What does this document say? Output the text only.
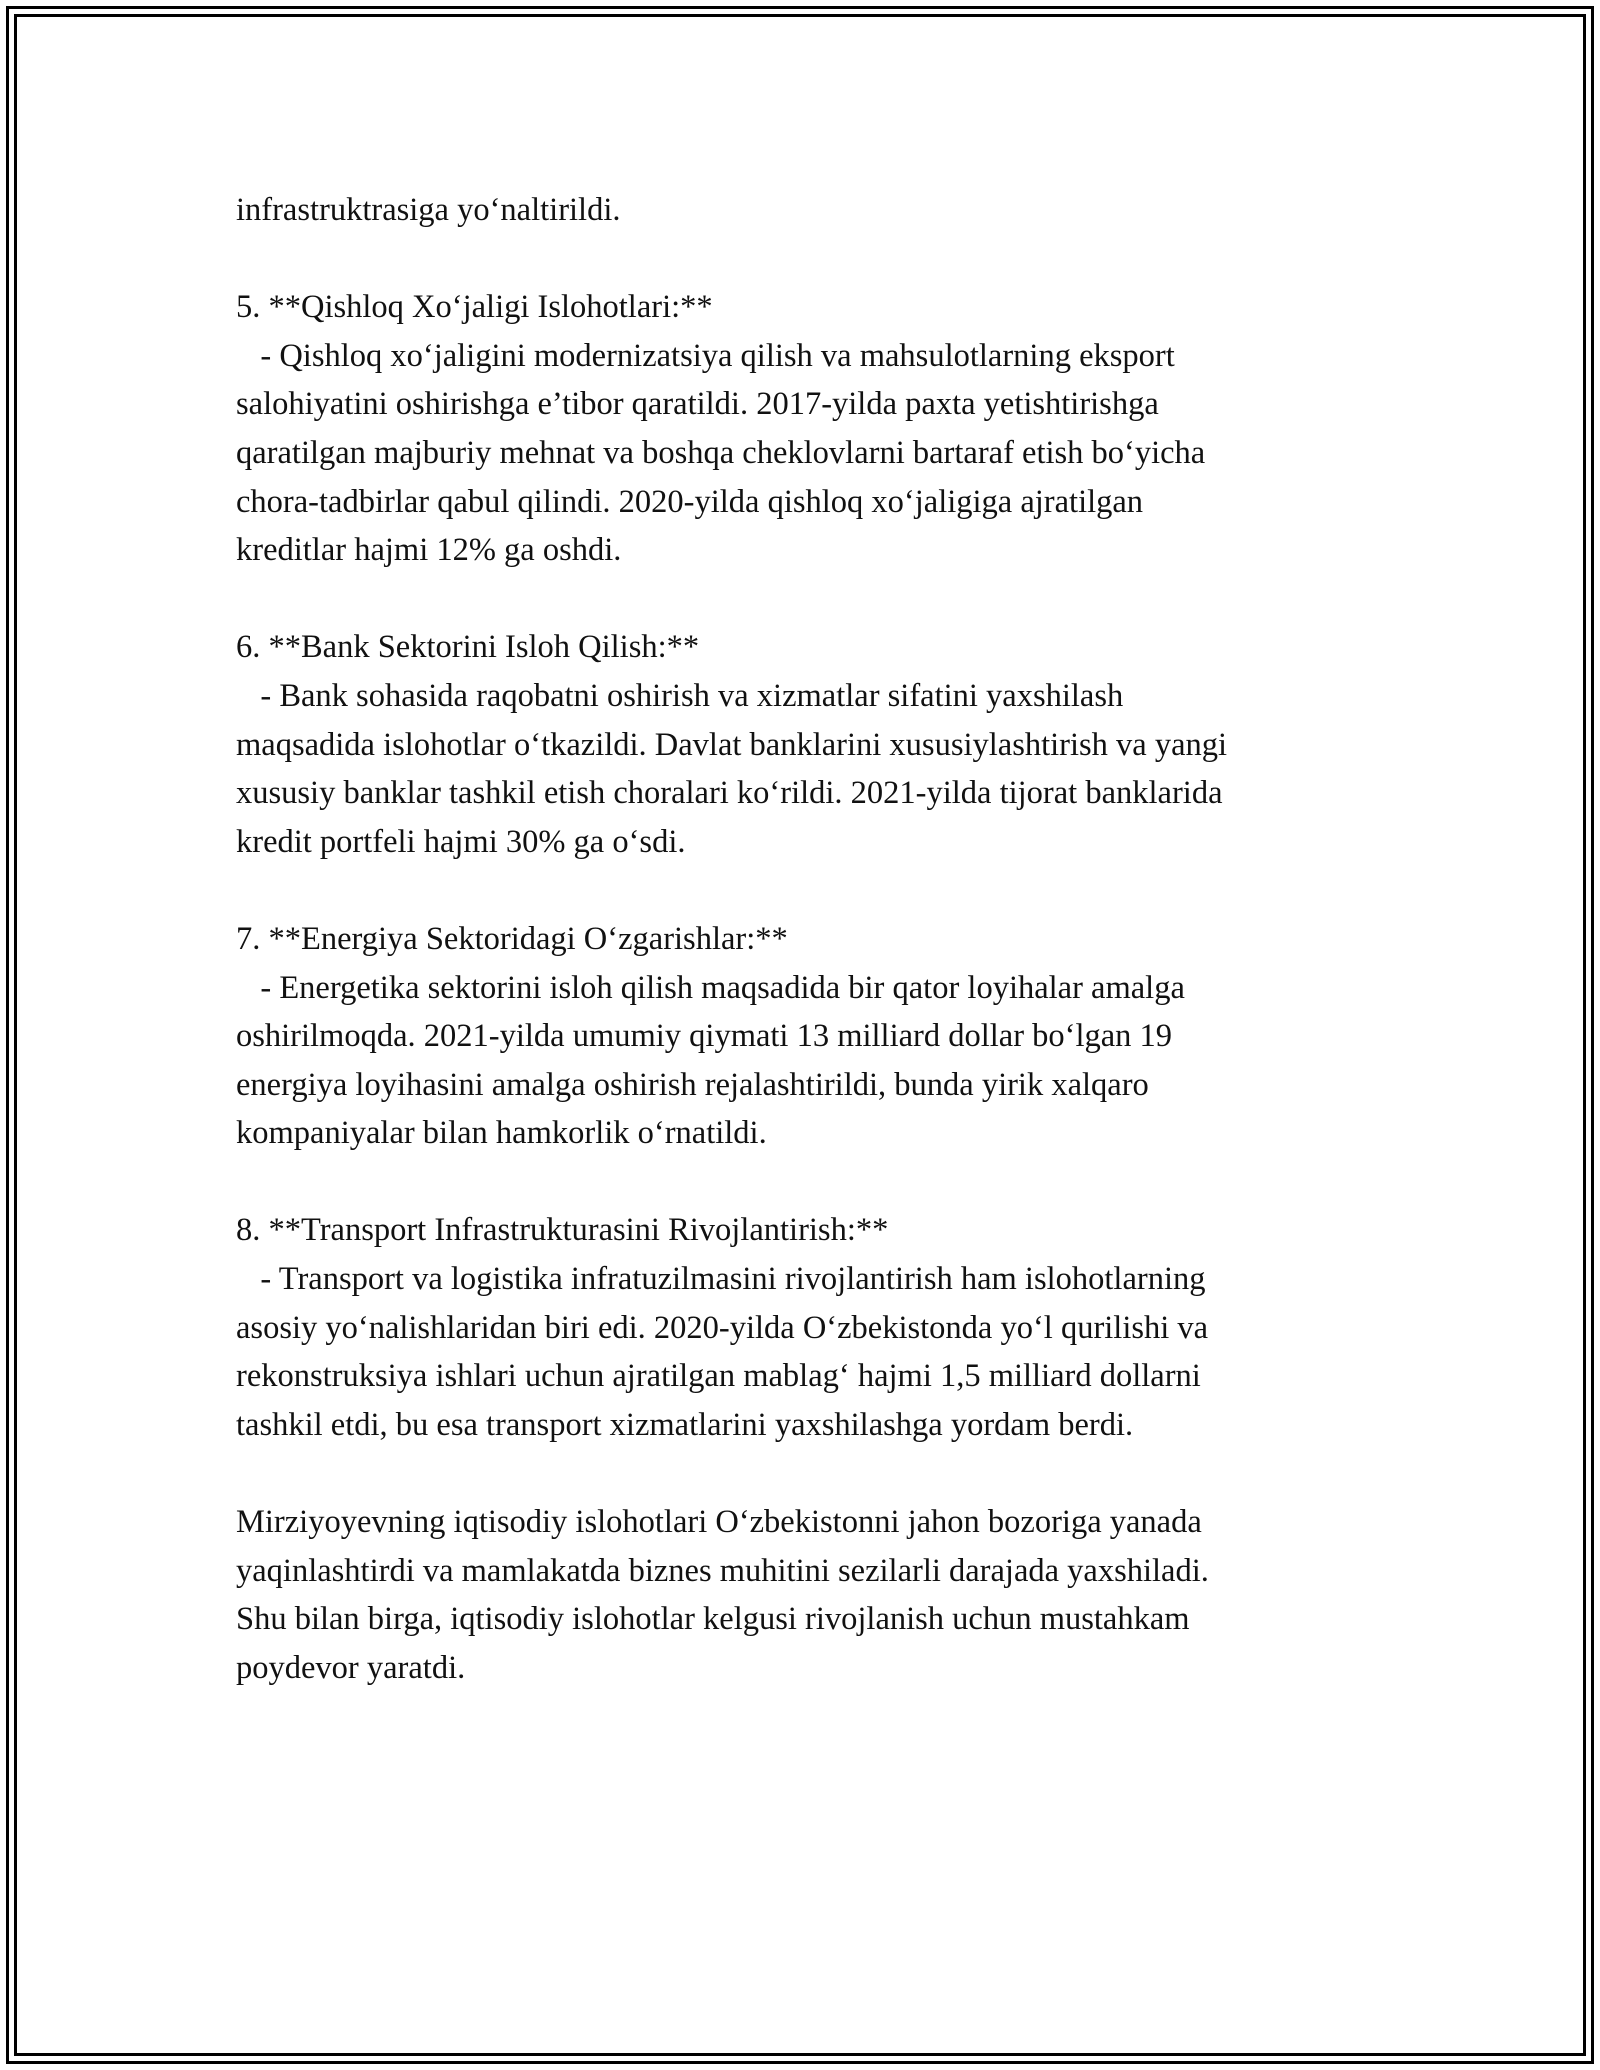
infrastruktrasiga yo‘naltirildi.

5. **Qishloq Xo‘jaligi Islohotlari:**

- Qishloq xo‘jaligini modernizatsiya qilish va mahsulotlarning eksport

salohiyatini oshirishga e’tibor qaratildi. 2017-yilda paxta yetishtirishga

qaratilgan majburiy mehnat va boshqa cheklovlarni bartaraf etish bo‘yicha

chora-tadbirlar qabul qilindi. 2020-yilda qishloq xo‘jaligiga ajratilgan

kreditlar hajmi 12% ga oshdi.

6. **Bank Sektorini Isloh Qilish:**

- Bank sohasida raqobatni oshirish va xizmatlar sifatini yaxshilash

maqsadida islohotlar o‘tkazildi. Davlat banklarini xususiylashtirish va yangi

xususiy banklar tashkil etish choralari ko‘rildi. 2021-yilda tijorat banklarida

kredit portfeli hajmi 30% ga o‘sdi.

7. **Energiya Sektoridagi O‘zgarishlar:**

- Energetika sektorini isloh qilish maqsadida bir qator loyihalar amalga

oshirilmoqda. 2021-yilda umumiy qiymati 13 milliard dollar bo‘lgan 19

energiya loyihasini amalga oshirish rejalashtirildi, bunda yirik xalqaro

kompaniyalar bilan hamkorlik o‘rnatildi.

8. **Transport Infrastrukturasini Rivojlantirish:**

- Transport va logistika infratuzilmasini rivojlantirish ham islohotlarning

asosiy yo‘nalishlaridan biri edi. 2020-yilda O‘zbekistonda yo‘l qurilishi va

rekonstruksiya ishlari uchun ajratilgan mablag‘ hajmi 1,5 milliard dollarni

tashkil etdi, bu esa transport xizmatlarini yaxshilashga yordam berdi.

Mirziyoyevning iqtisodiy islohotlari O‘zbekistonni jahon bozoriga yanada

yaqinlashtirdi va mamlakatda biznes muhitini sezilarli darajada yaxshiladi.

Shu bilan birga, iqtisodiy islohotlar kelgusi rivojlanish uchun mustahkam

poydevor yaratdi.
